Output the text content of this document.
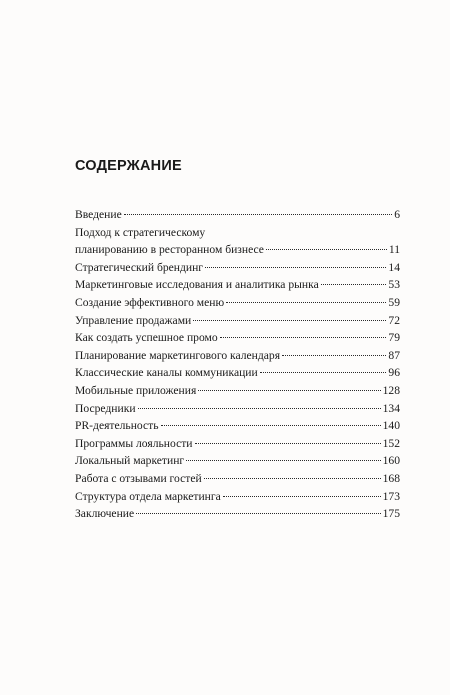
СОДЕРЖАНИЕ
Введение	6
Подход к стратегическому
планированию в ресторанном бизнесе	11
Стратегический брендинг	14
Маркетинговые исследования и аналитика рынка	53
Создание эффективного меню	59
Управление продажами	72
Как создать успешное промо	79
Планирование маркетингового календаря	87
Классические каналы коммуникации	96
Мобильные приложения	128
Посредники	134
PR-деятельность	140
Программы лояльности	152
Локальный маркетинг	160
Работа с отзывами гостей	168
Структура отдела маркетинга	173
Заключение	175
